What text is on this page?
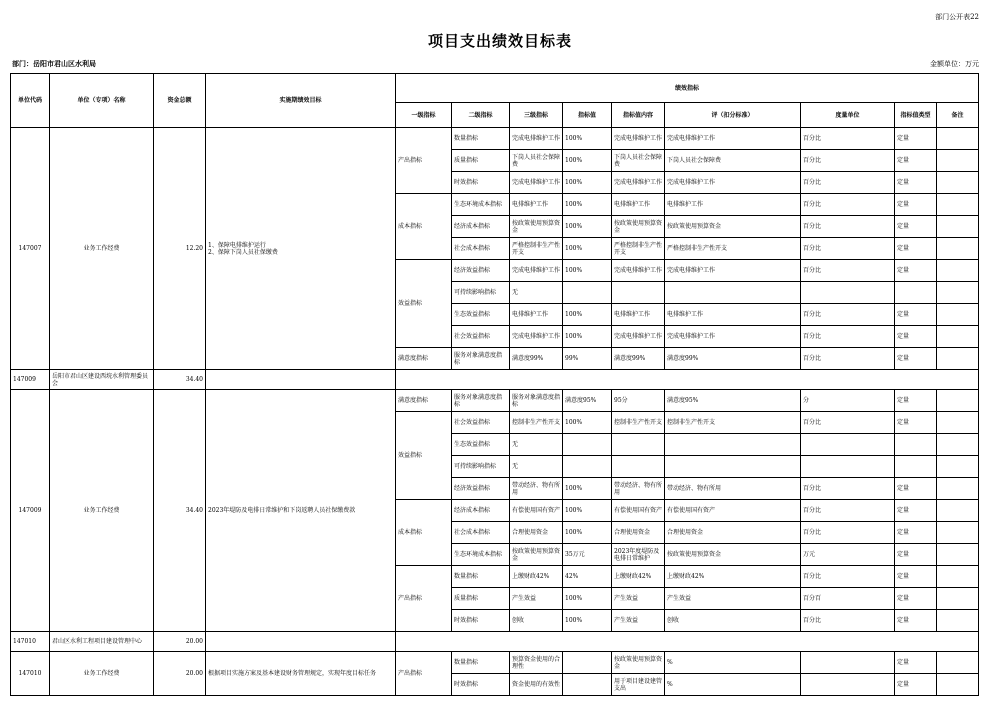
部门公开表22
项目支出绩效目标表
部门：岳阳市君山区水利局	金额单位：万元
单位代码	单位（专项）名称	资金总额	实施期绩效目标	绩效指标								
				一级指标	二级指标	三级指标	指标值	指标值内容	评（扣分标准）	度量单位	指标值类型	备注
147007	业务工作经费	12.20	1、保障电排维护运行
2、保障下岗人员社保缴费	产出指标	数量指标	完成电排维护工作	100%	完成电排维护工作	完成电排维护工作	百分比	定量	
					质量指标	下岗人员社会保障费	100%	下岗人员社会保障费	下岗人员社会保障费	百分比	定量	
					时效指标	完成电排维护工作	100%	完成电排维护工作	完成电排维护工作	百分比	定量	
				成本指标	生态环境成本指标	电排维护工作	100%	电排维护工作	电排维护工作	百分比	定量	
					经济成本指标	按政策使用预算资金	100%	按政策使用预算资金	按政策使用预算资金	百分比	定量	
					社会成本指标	严格控制非生产性开支	100%	严格控制非生产性开支	严格控制非生产性开支	百分比	定量	
				效益指标	经济效益指标	完成电排维护工作	100%	完成电排维护工作	完成电排维护工作	百分比	定量	
					可持续影响指标	无						
					生态效益指标	电排维护工作	100%	电排维护工作	电排维护工作	百分比	定量	
					社会效益指标	完成电排维护工作	100%	完成电排维护工作	完成电排维护工作	百分比	定量	
				满意度指标	服务对象满意度指标	满意度99%	99%	满意度99%	满意度99%	百分比	定量	
147009	岳阳市君山区建设西垸水利管理委员会	34.40										
147009	业务工作经费	34.40	2023年堤防及电排日常维护和下岗返聘人员社保缴费款	满意度指标	服务对象满意度指标	服务对象满意度指标	满意度95%	95分	满意度95%	分	定量	
				效益指标	社会效益指标	控制非生产性开支	100%	控制非生产性开支	控制非生产性开支	百分比	定量	
					生态效益指标	无						
					可持续影响指标	无						
					经济效益指标	带动经济、物有所用	100%	带动经济、物有所用	带动经济、物有所用	百分比	定量	
				成本指标	经济成本指标	有偿使用国有资产	100%	有偿使用国有资产	有偿使用国有资产	百分比	定量	
					社会成本指标	合理使用资金	100%	合理使用资金	合理使用资金	百分比	定量	
					生态环境成本指标	按政策使用预算资金	35万元	2023年度堤防及电排日常维护	按政策使用预算资金	万元	定量	
				产出指标	数量指标	上缴财政42%	42%	上缴财政42%	上缴财政42%	百分比	定量	
					质量指标	产生效益	100%	产生效益	产生效益	百分百	定量	
					时效指标	创收	100%	产生效益	创收	百分比	定量	
147010	君山区水利工程项目建设管理中心	20.00										
147010	业务工作经费	20.00	根据项目实施方案及基本建设财务管理规定，实现年度目标任务	产出指标	数量指标	预算资金使用的合理性		按政策使用预算资金	%		定量	
					时效指标	资金使用的有效性		用于项目建设建管支出	%		定量	
